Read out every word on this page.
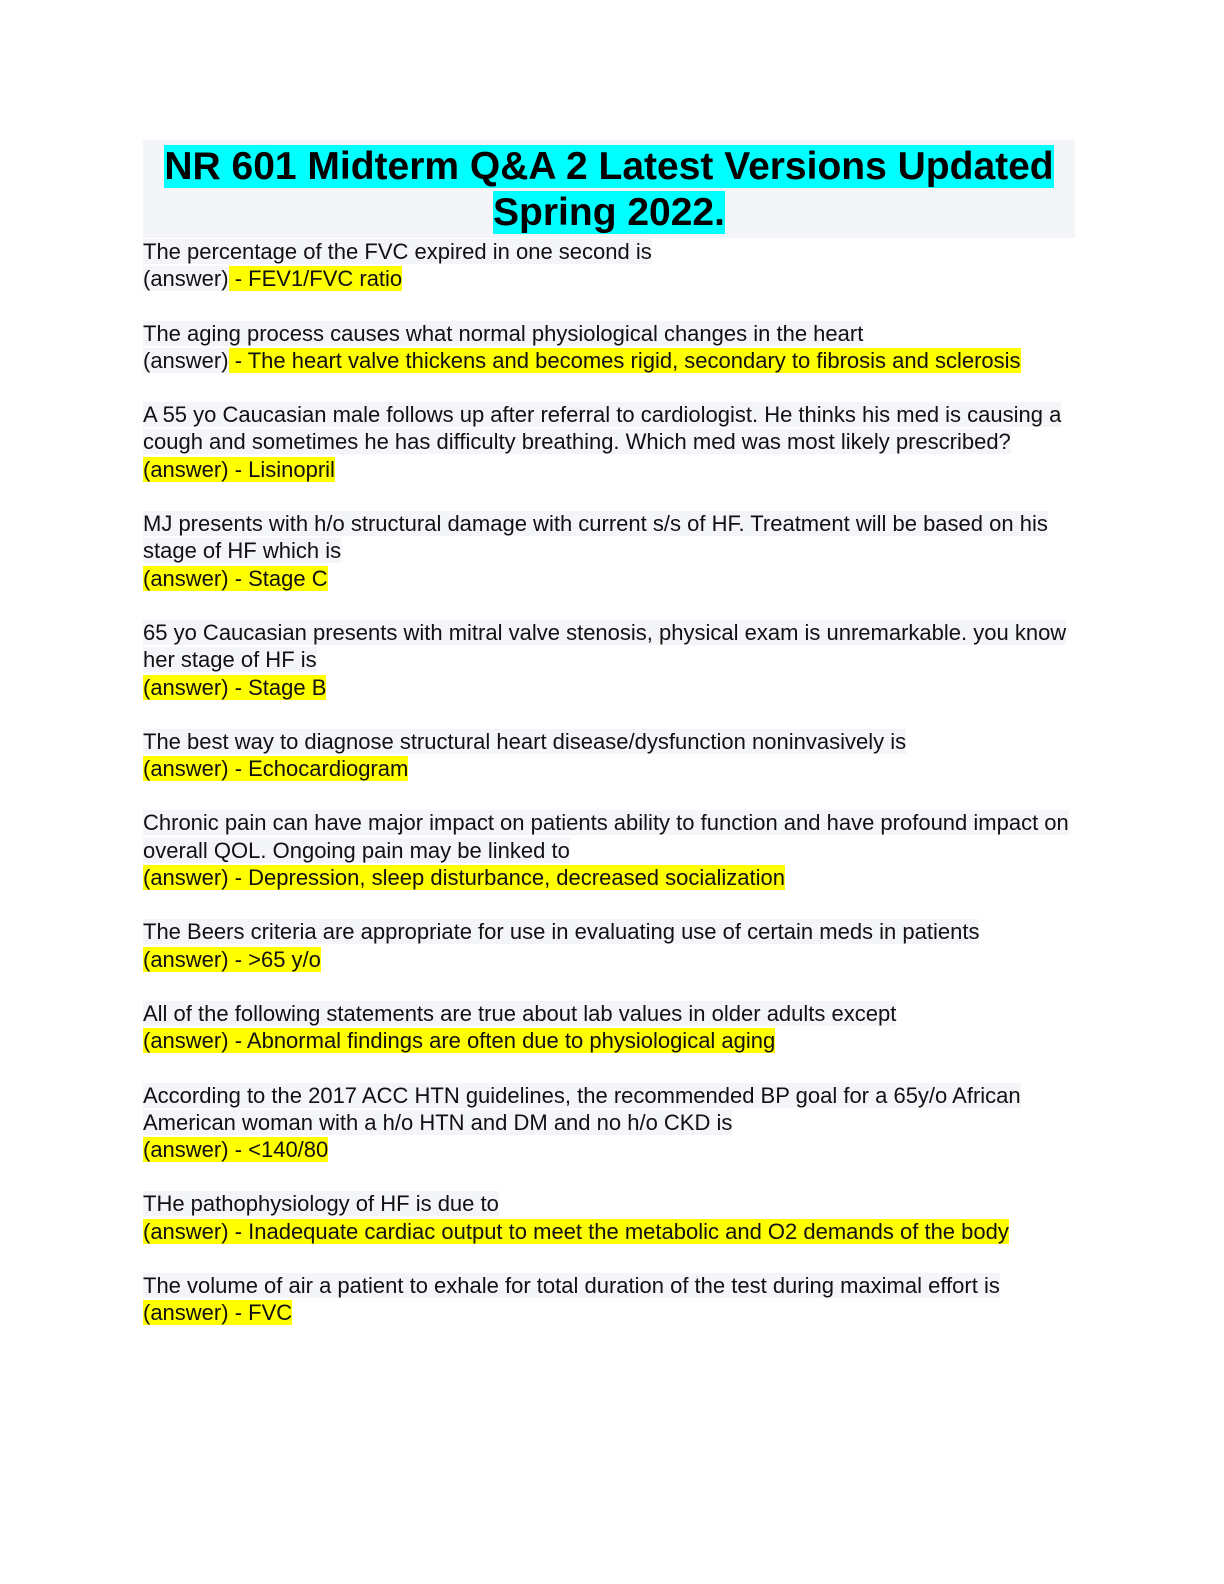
NR 601 Midterm Q&A 2 Latest Versions Updated
Spring 2022.
The percentage of the FVC expired in one second is
(answer) - FEV1/FVC ratio
The aging process causes what normal physiological changes in the heart
(answer) - The heart valve thickens and becomes rigid, secondary to fibrosis and sclerosis
A 55 yo Caucasian male follows up after referral to cardiologist. He thinks his med is causing a cough and sometimes he has difficulty breathing. Which med was most likely prescribed?
(answer) - Lisinopril
MJ presents with h/o structural damage with current s/s of HF. Treatment will be based on his stage of HF which is
(answer) - Stage C
65 yo Caucasian presents with mitral valve stenosis, physical exam is unremarkable. you know her stage of HF is
(answer) - Stage B
The best way to diagnose structural heart disease/dysfunction noninvasively is
(answer) - Echocardiogram
Chronic pain can have major impact on patients ability to function and have profound impact on overall QOL. Ongoing pain may be linked to
(answer) - Depression, sleep disturbance, decreased socialization
The Beers criteria are appropriate for use in evaluating use of certain meds in patients
(answer) - >65 y/o
All of the following statements are true about lab values in older adults except
(answer) - Abnormal findings are often due to physiological aging
According to the 2017 ACC HTN guidelines, the recommended BP goal for a 65y/o African American woman with a h/o HTN and DM and no h/o CKD is
(answer) - <140/80
THe pathophysiology of HF is due to
(answer) - Inadequate cardiac output to meet the metabolic and O2 demands of the body
The volume of air a patient to exhale for total duration of the test during maximal effort is
(answer) - FVC
